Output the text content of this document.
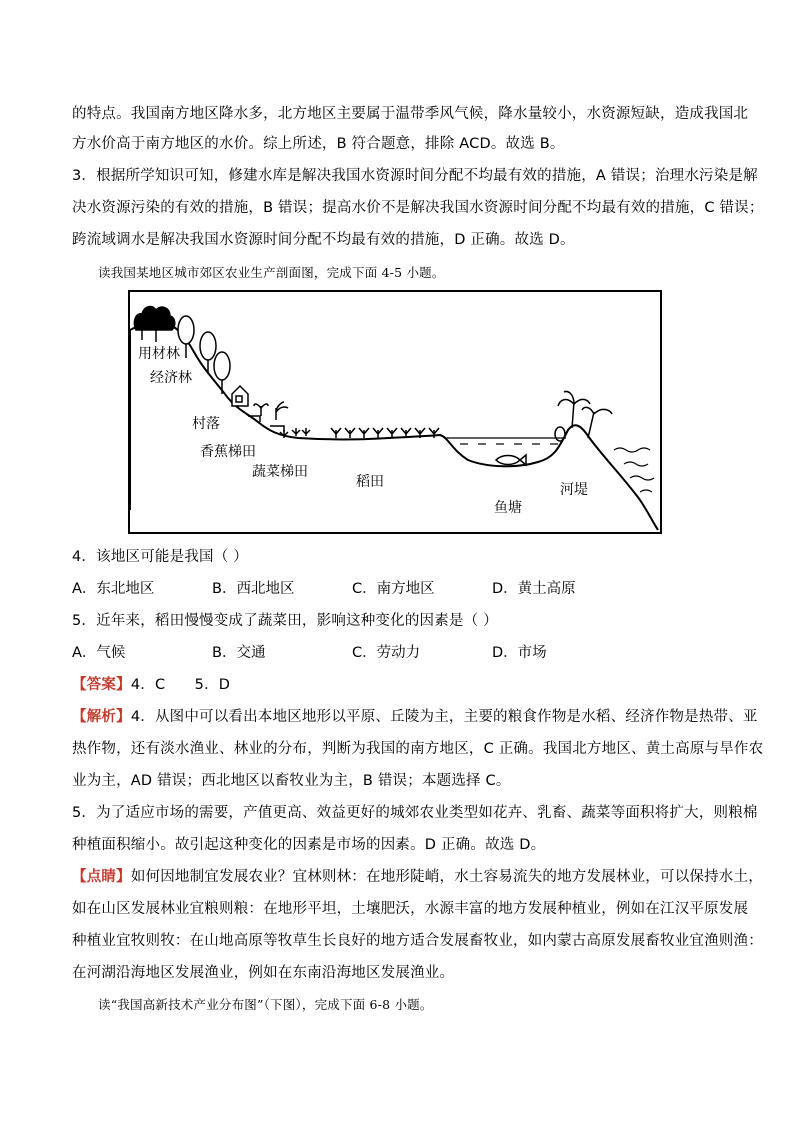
的特点。我国南方地区降水多，北方地区主要属于温带季风气候，降水量较小，水资源短缺，造成我国北
方水价高于南方地区的水价。综上所述，B 符合题意，排除 ACD。故选 B。
3．根据所学知识可知，修建水库是解决我国水资源时间分配不均最有效的措施，A 错误；治理水污染是解
决水资源污染的有效的措施，B 错误；提高水价不是解决我国水资源时间分配不均最有效的措施，C 错误；
跨流域调水是解决我国水资源时间分配不均最有效的措施，D 正确。故选 D。
读我国某地区城市郊区农业生产剖面图，完成下面 4-5 小题。
用材林
经济林
村落
香蕉梯田
蔬菜梯田
稻田
鱼塘
河堤
4．该地区可能是我国（ ）
A．东北地区	B．西北地区	C．南方地区	D．黄土高原
5．近年来，稻田慢慢变成了蔬菜田，影响这种变化的因素是（ ）
A．气候	B．交通	C．劳动力	D．市场
【答案】4．C　　5．D
【解析】4．从图中可以看出本地区地形以平原、丘陵为主，主要的粮食作物是水稻、经济作物是热带、亚
热作物，还有淡水渔业、林业的分布，判断为我国的南方地区，C 正确。我国北方地区、黄土高原与旱作农
业为主，AD 错误；西北地区以畜牧业为主，B 错误；本题选择 C。
5．为了适应市场的需要，产值更高、效益更好的城郊农业类型如花卉、乳畜、蔬菜等面积将扩大，则粮棉
种植面积缩小。故引起这种变化的因素是市场的因素。D 正确。故选 D。
【点睛】如何因地制宜发展农业？宜林则林：在地形陡峭，水土容易流失的地方发展林业，可以保持水土，
如在山区发展林业宜粮则粮：在地形平坦，土壤肥沃，水源丰富的地方发展种植业，例如在江汉平原发展
种植业宜牧则牧：在山地高原等牧草生长良好的地方适合发展畜牧业，如内蒙古高原发展畜牧业宜渔则渔：
在河湖沿海地区发展渔业，例如在东南沿海地区发展渔业。
读“我国高新技术产业分布图”（下图），完成下面 6-8 小题。
